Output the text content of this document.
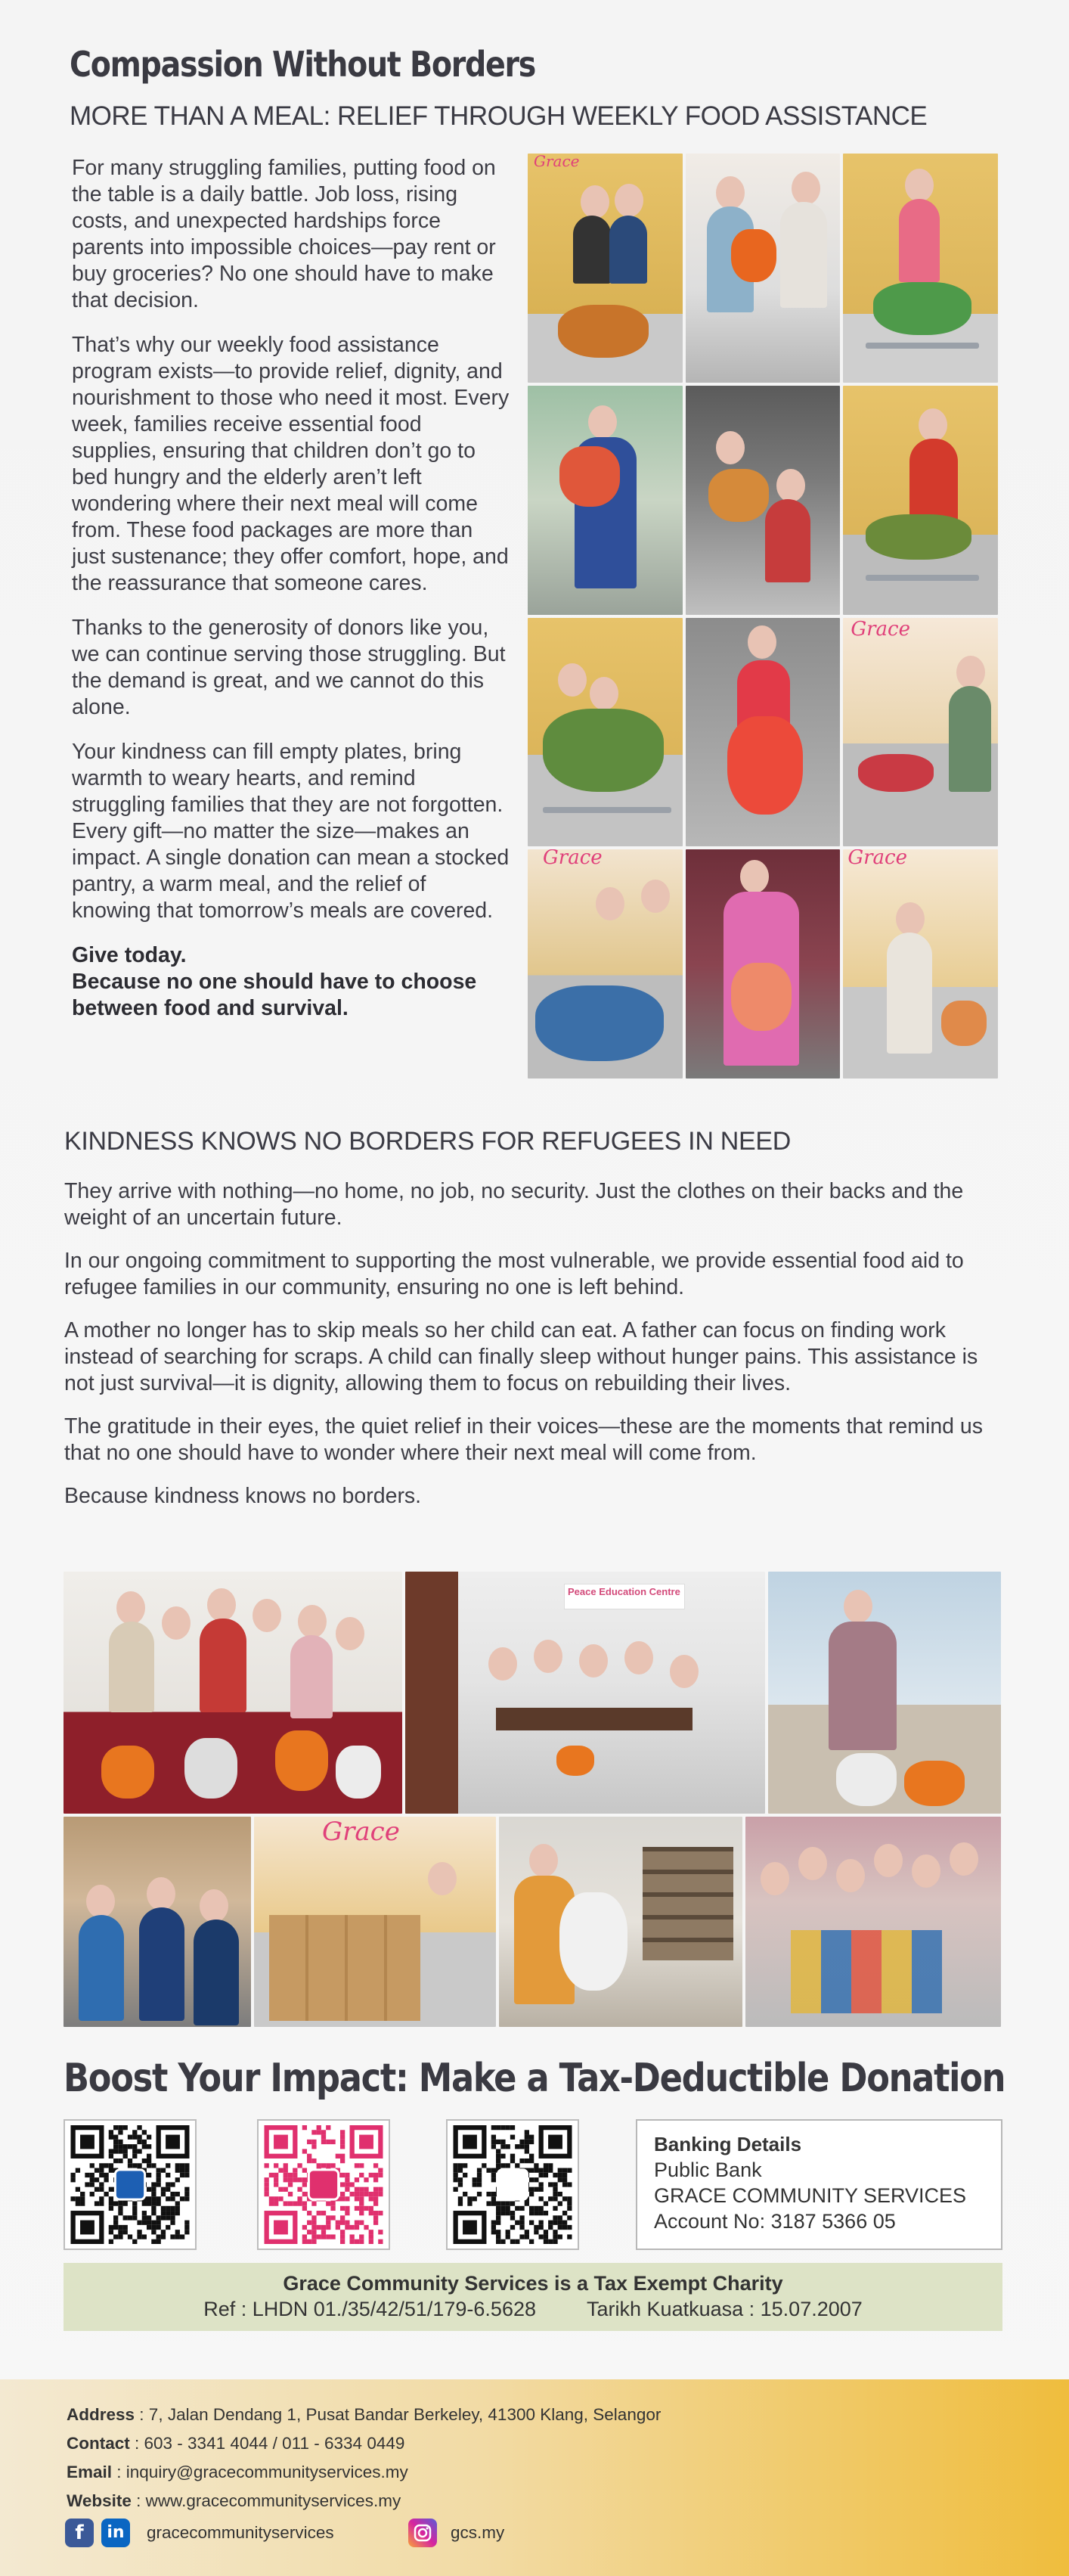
Compassion Without Borders
MORE THAN A MEAL: RELIEF THROUGH WEEKLY FOOD ASSISTANCE

For many struggling families, putting food on the table is a daily battle. Job loss, rising costs, and unexpected hardships force parents into impossible choices—pay rent or buy groceries? No one should have to make that decision.

That’s why our weekly food assistance program exists—to provide relief, dignity, and nourishment to those who need it most. Every week, families receive essential food supplies, ensuring that children don’t go to bed hungry and the elderly aren’t left wondering where their next meal will come from. These food packages are more than just sustenance; they offer comfort, hope, and the reassurance that someone cares.

Thanks to the generosity of donors like you, we can continue serving those struggling. But the demand is great, and we cannot do this alone.

Your kindness can fill empty plates, bring warmth to weary hearts, and remind struggling families that they are not forgotten. Every gift—no matter the size—makes an impact. A single donation can mean a stocked pantry, a warm meal, and the relief of knowing that tomorrow’s meals are covered.

Give today.
Because no one should have to choose between food and survival.

Grace
Grace
Grace	Grace
KINDNESS KNOWS NO BORDERS FOR REFUGEES IN NEED

They arrive with nothing—no home, no job, no security. Just the clothes on their backs and the weight of an uncertain future.

In our ongoing commitment to supporting the most vulnerable, we provide essential food aid to refugee families in our community, ensuring no one is left behind.

A mother no longer has to skip meals so her child can eat. A father can focus on finding work instead of searching for scraps. A child can finally sleep without hunger pains. This assistance is not just survival—it is dignity, allowing them to focus on rebuilding their lives.

The gratitude in their eyes, the quiet relief in their voices—these are the moments that remind us that no one should have to wonder where their next meal will come from.

Because kindness knows no borders.

Peace Education Centre
Grace
Boost Your Impact: Make a Tax-Deductible Donation
Banking Details
Public Bank
GRACE COMMUNITY SERVICES
Account No: 3187 5366 05
Grace Community Services is a Tax Exempt Charity
Ref : LHDN 01./35/42/51/179-6.5628         Tarikh Kuatkuasa : 15.07.2007
Address : 7, Jalan Dendang 1, Pusat Bandar Berkeley, 41300 Klang, Selangor
Contact : 603 - 3341 4044 / 011 - 6334 0449
Email : inquiry@gracecommunityservices.my
Website : www.gracecommunityservices.my
f	in	gracecommunityservices	gcs.my
